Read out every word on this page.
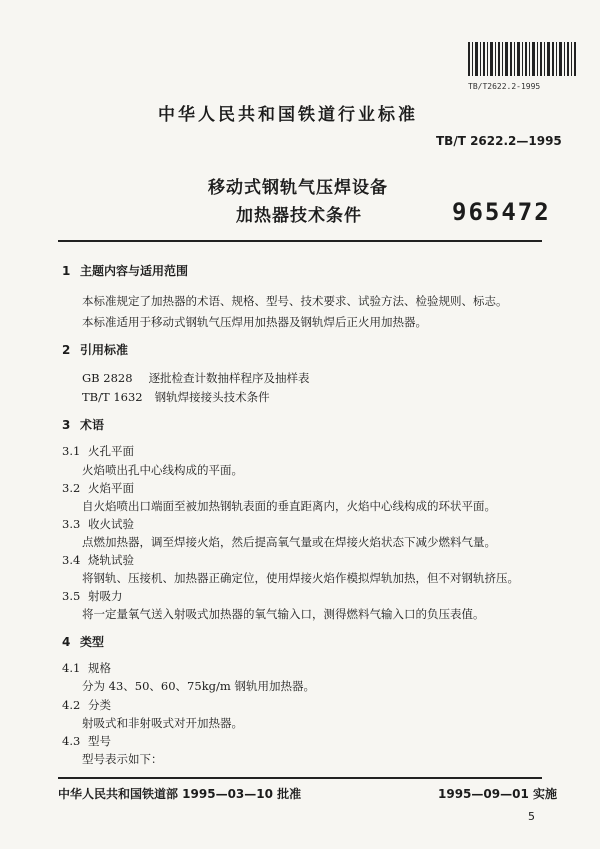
TB/T2622.2-1995
中华人民共和国铁道行业标准
TB/T 2622.2—1995
移动式钢轨气压焊设备
加热器技术条件	965472
1 主题内容与适用范围
本标准规定了加热器的术语、规格、型号、技术要求、试验方法、检验规则、标志。
本标准适用于移动式钢轨气压焊用加热器及钢轨焊后正火用加热器。
2 引用标准
GB 2828 逐批检查计数抽样程序及抽样表
TB/T 1632 钢轨焊接接头技术条件
3 术语
3.1 火孔平面
火焰喷出孔中心线构成的平面。
3.2 火焰平面
自火焰喷出口端面至被加热钢轨表面的垂直距离内，火焰中心线构成的环状平面。
3.3 收火试验
点燃加热器，调至焊接火焰，然后提高氧气量或在焊接火焰状态下减少燃料气量。
3.4 烧轨试验
将钢轨、压接机、加热器正确定位，使用焊接火焰作模拟焊轨加热，但不对钢轨挤压。
3.5 射吸力
将一定量氧气送入射吸式加热器的氧气输入口，测得燃料气输入口的负压表值。
4 类型
4.1 规格
分为 43、50、60、75kg/m 钢轨用加热器。
4.2 分类
射吸式和非射吸式对开加热器。
4.3 型号
型号表示如下：
中华人民共和国铁道部 1995—03—10 批准	1995—09—01 实施
5
